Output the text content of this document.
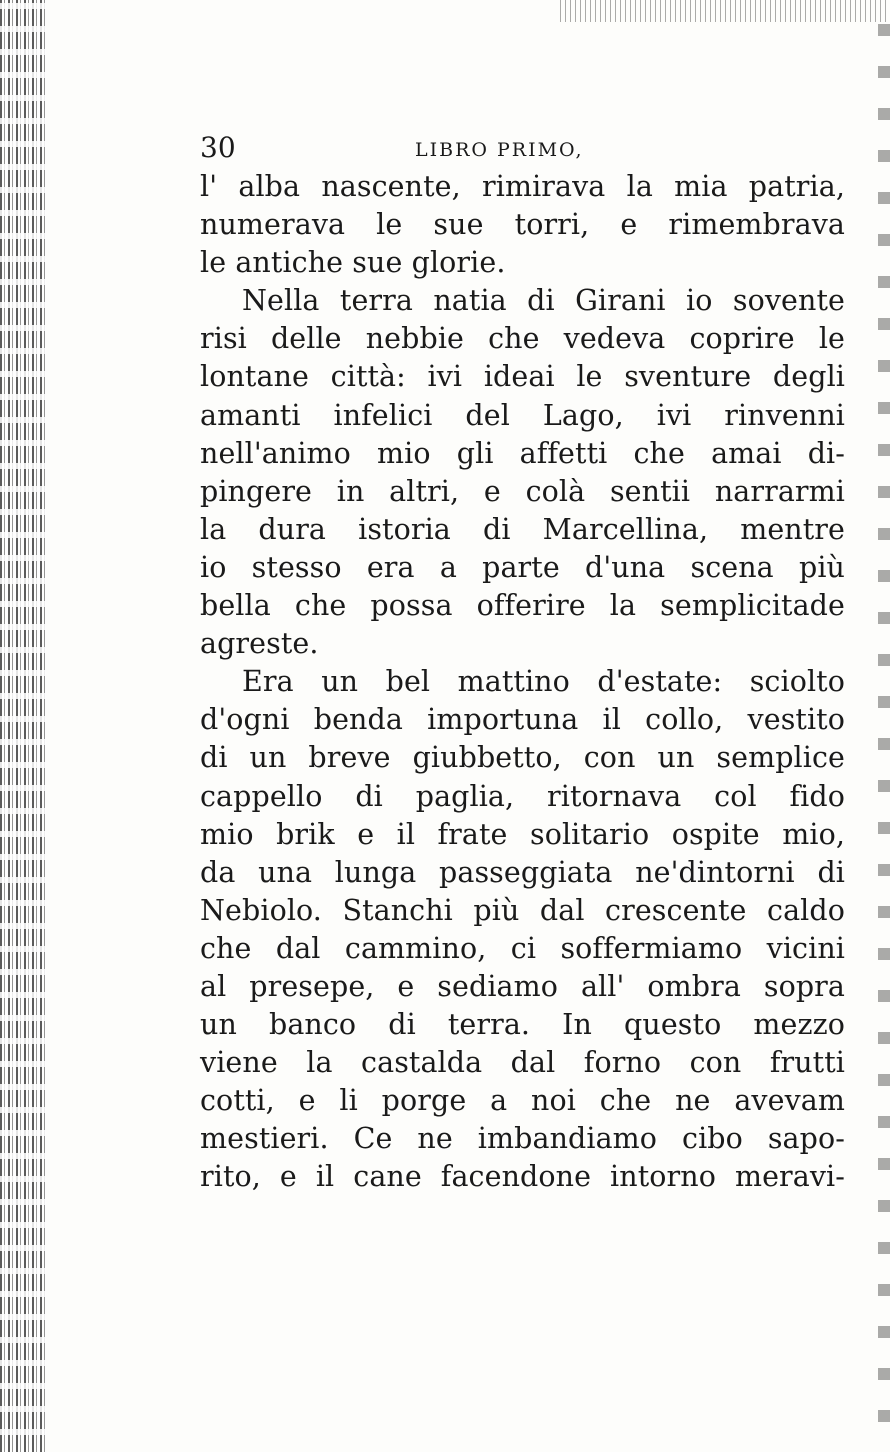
30	LIBRO PRIMO,
l' alba nascente, rimirava la mia patria,
numerava le sue torri, e rimembrava
le antiche sue glorie.
Nella terra natia di Girani io sovente
risi delle nebbie che vedeva coprire le
lontane città: ivi ideai le sventure degli
amanti infelici del Lago, ivi rinvenni
nell'animo mio gli affetti che amai di-
pingere in altri, e colà sentii narrarmi
la dura istoria di Marcellina, mentre
io stesso era a parte d'una scena più
bella che possa offerire la semplicitade
agreste.
Era un bel mattino d'estate: sciolto
d'ogni benda importuna il collo, vestito
di un breve giubbetto, con un semplice
cappello di paglia, ritornava col fido
mio brik e il frate solitario ospite mio,
da una lunga passeggiata ne'dintorni di
Nebiolo. Stanchi più dal crescente caldo
che dal cammino, ci soffermiamo vicini
al presepe, e sediamo all' ombra sopra
un banco di terra. In questo mezzo
viene la castalda dal forno con frutti
cotti, e li porge a noi che ne avevam
mestieri. Ce ne imbandiamo cibo sapo-
rito, e il cane facendone intorno meravi-
